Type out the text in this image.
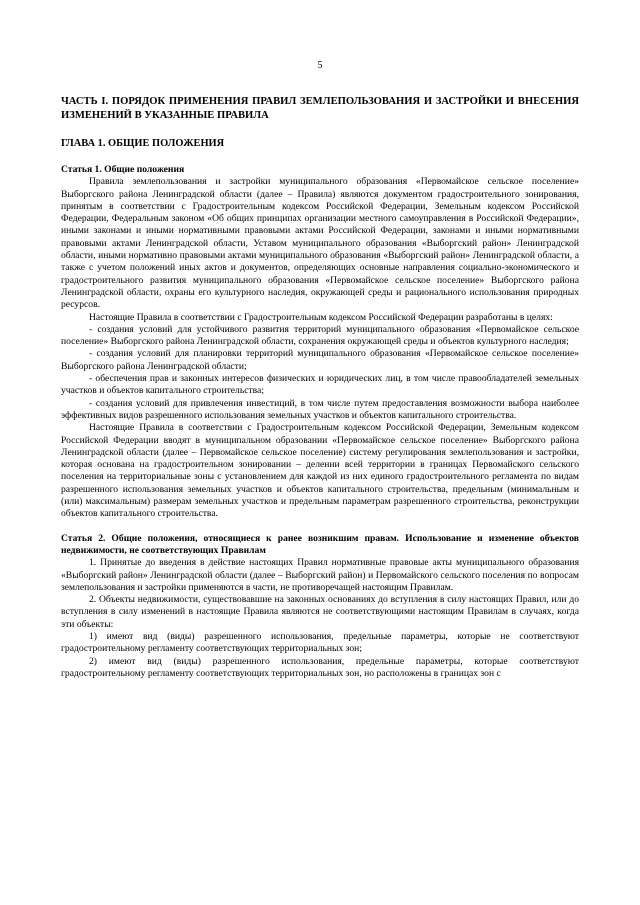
5
ЧАСТЬ I. ПОРЯДОК ПРИМЕНЕНИЯ ПРАВИЛ ЗЕМЛЕПОЛЬЗОВАНИЯ И ЗАСТРОЙКИ И ВНЕСЕНИЯ ИЗМЕНЕНИЙ В УКАЗАННЫЕ ПРАВИЛА
ГЛАВА 1. ОБЩИЕ ПОЛОЖЕНИЯ
Статья 1. Общие положения

Правила землепользования и застройки муниципального образования «Первомайское сельское поселение» Выборгского района Ленинградской области (далее – Правила) являются документом градостроительного зонирования, принятым в соответствии с Градостроительным кодексом Российской Федерации, Земельным кодексом Российской Федерации, Федеральным законом «Об общих принципах организации местного самоуправления в Российской Федерации», иными законами и иными нормативными правовыми актами Российской Федерации, законами и иными нормативными правовыми актами Ленинградской области, Уставом муниципального образования «Выборгский район» Ленинградской области, иными нормативно правовыми актами муниципального образования «Выборгский район» Ленинградской области, а также с учетом положений иных актов и документов, определяющих основные направления социально-экономического и градостроительного развития муниципального образования «Первомайское сельское поселение» Выборгского района Ленинградской области, охраны его культурного наследия, окружающей среды и рационального использования природных ресурсов.

Настоящие Правила в соответствии с Градостроительным кодексом Российской Федерации разработаны в целях:

- создания условий для устойчивого развития территорий муниципального образования «Первомайское сельское поселение» Выборгского района Ленинградской области, сохранения окружающей среды и объектов культурного наследия;

- создания условий для планировки территорий муниципального образования «Первомайское сельское поселение» Выборгского района Ленинградской области;

- обеспечения прав и законных интересов физических и юридических лиц, в том числе правообладателей земельных участков и объектов капитального строительства;

- создания условий для привлечения инвестиций, в том числе путем предоставления возможности выбора наиболее эффективных видов разрешенного использования земельных участков и объектов капитального строительства.

Настоящие Правила в соответствии с Градостроительным кодексом Российской Федерации, Земельным кодексом Российской Федерации вводят в муниципальном образовании «Первомайское сельское поселение» Выборгского района Ленинградской области (далее – Первомайское сельское поселение) систему регулирования землепользования и застройки, которая основана на градостроительном зонировании – делении всей территории в границах Первомайского сельского поселения на территориальные зоны с установлением для каждой из них единого градостроительного регламента по видам разрешенного использования земельных участков и объектов капитального строительства, предельным (минимальным и (или) максимальным) размерам земельных участков и предельным параметрам разрешенного строительства, реконструкции объектов капитального строительства.

Статья 2. Общие положения, относящиеся к ранее возникшим правам. Использование и изменение объектов недвижимости, не соответствующих Правилам

1. Принятые до введения в действие настоящих Правил нормативные правовые акты муниципального образования «Выборгский район» Ленинградской области (далее – Выборгский район) и Первомайского сельского поселения по вопросам землепользования и застройки применяются в части, не противоречащей настоящим Правилам.

2. Объекты недвижимости, существовавшие на законных основаниях до вступления в силу настоящих Правил, или до вступления в силу изменений в настоящие Правила являются не соответствующими настоящим Правилам в случаях, когда эти объекты:

1) имеют вид (виды) разрешенного использования, предельные параметры, которые не соответствуют градостроительному регламенту соответствующих территориальных зон;

2) имеют вид (виды) разрешенного использования, предельные параметры, которые соответствуют градостроительному регламенту соответствующих территориальных зон, но расположены в границах зон с
